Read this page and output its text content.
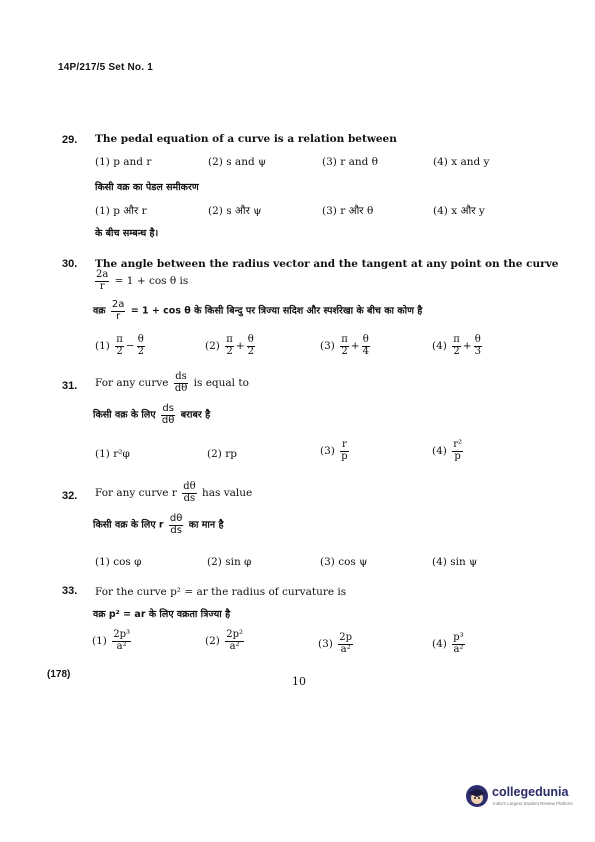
14P/217/5 Set No. 1
29. The pedal equation of a curve is a relation between
(1) p and r	(2) s and ψ	(3) r and θ	(4) x and y
किसी वक्र का पेडल समीकरण
(1) p और r	(2) s और ψ	(3) r और θ	(4) x और y
के बीच सम्बन्ध है।
30. The angle between the radius vector and the tangent at any point on the curve
$\frac{2a}{r} = 1 + \cos \theta$ is
वक्र $\frac{2a}{r} = 1 + \cos \theta$ के किसी बिन्दु पर त्रिज्या सदिश और स्पर्शरेखा के बीच का कोण है
$(1) \frac{\pi}{2} - \frac{\theta}{2}$	$(2) \frac{\pi}{2} + \frac{\theta}{2}$	$(3) \frac{\pi}{2} + \frac{\theta}{4}$	$(4) \frac{\pi}{2} + \frac{\theta}{3}$
31. For any curve $\frac{ds}{d\theta}$ is equal to
किसी वक्र के लिए $\frac{ds}{d\theta}$ बराबर है
(1) r²φ	(2) rp	$(3) \frac{r}{p}$	$(4) \frac{\text{r²}}{p}$
32. For any curve r $\frac{d\theta}{ds}$ has value
किसी वक्र के लिए r $\frac{d\theta}{ds}$ का मान है
(1) cos φ	(2) sin φ	(3) cos ψ	(4) sin ψ
33. For the curve p² = ar the radius of curvature is
वक्र p² = ar के लिए वक्रता त्रिज्या है
$(1) \frac{\text{2p³}}{\text{a²}}$	$(2) \frac{\text{2p²}}{\text{a²}}$	$(3) \frac{2p}{\text{a²}}$	$(4) \frac{\text{p³}}{\text{a²}}$
(178)
10
collegedunia
India's Largest Student Review Platform
